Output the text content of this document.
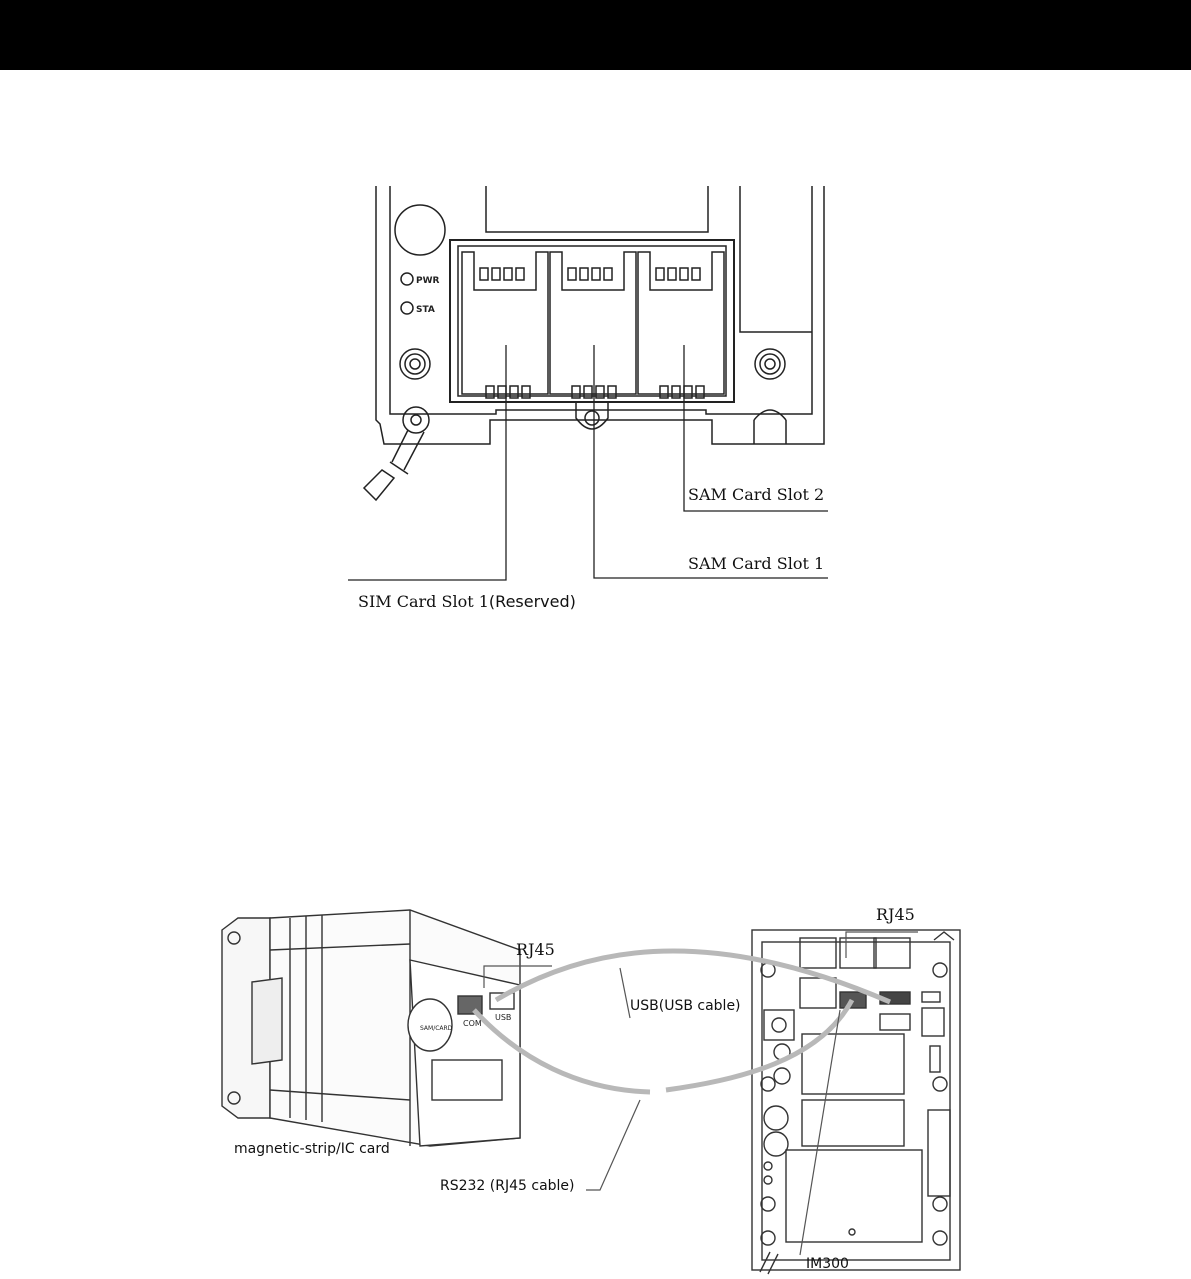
PWR
STA
SAM Card Slot 2
SAM Card Slot 1
SIM Card Slot 1(Reserved)
SAM/CARD
COM
USB
RJ45
RJ45
USB(USB cable)
magnetic-strip/IC card
RS232 (RJ45 cable)
IM300
